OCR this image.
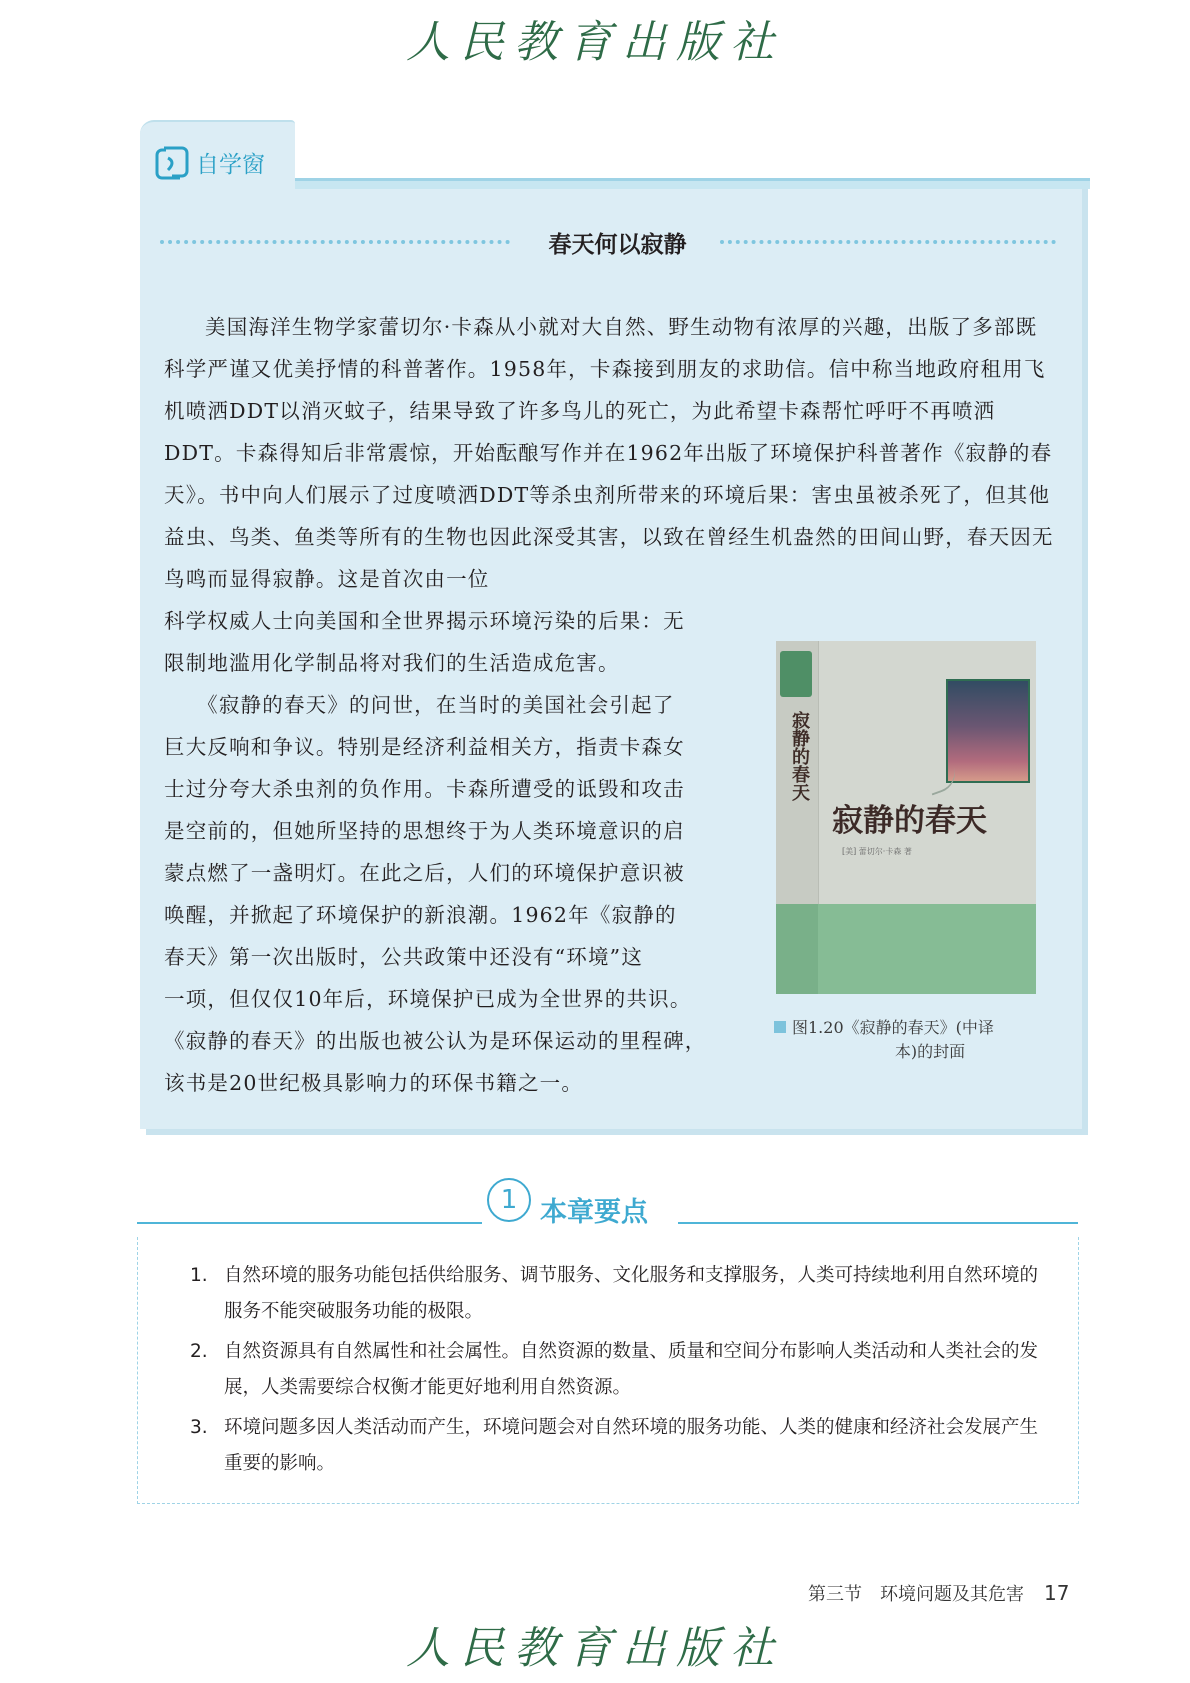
人民教育出版社
自学窗
春天何以寂静

美国海洋生物学家蕾切尔·卡森从小就对大自然、野生动物有浓厚的兴趣，出版了多部既科学严谨又优美抒情的科普著作。1958年，卡森接到朋友的求助信。信中称当地政府租用飞机喷洒DDT以消灭蚊子，结果导致了许多鸟儿的死亡，为此希望卡森帮忙呼吁不再喷洒DDT。卡森得知后非常震惊，开始酝酿写作并在1962年出版了环境保护科普著作《寂静的春天》。书中向人们展示了过度喷洒DDT等杀虫剂所带来的环境后果：害虫虽被杀死了，但其他益虫、鸟类、鱼类等所有的生物也因此深受其害，以致在曾经生机盎然的田间山野，春天因无鸟鸣而显得寂静。这是首次由一位

科学权威人士向美国和全世界揭示环境污染的后果：无
限制地滥用化学制品将对我们的生活造成危害。
　　《寂静的春天》的问世，在当时的美国社会引起了
巨大反响和争议。特别是经济利益相关方，指责卡森女
士过分夸大杀虫剂的负作用。卡森所遭受的诋毁和攻击
是空前的，但她所坚持的思想终于为人类环境意识的启
蒙点燃了一盏明灯。在此之后，人们的环境保护意识被
唤醒，并掀起了环境保护的新浪潮。1962年《寂静的
春天》第一次出版时，公共政策中还没有“环境”这
一项，但仅仅10年后，环境保护已成为全世界的共识。
《寂静的春天》的出版也被公认为是环保运动的里程碑，
该书是20世纪极具影响力的环保书籍之一。
寂静的春天
寂静的春天
[美] 蕾切尔·卡森 著
图1.20《寂静的春天》(中译
本)的封面
1 本章要点
1. 自然环境的服务功能包括供给服务、调节服务、文化服务和支撑服务，人类可持续地利用自然环境的服务不能突破服务功能的极限。
2. 自然资源具有自然属性和社会属性。自然资源的数量、质量和空间分布影响人类活动和人类社会的发展，人类需要综合权衡才能更好地利用自然资源。
3. 环境问题多因人类活动而产生，环境问题会对自然环境的服务功能、人类的健康和经济社会发展产生重要的影响。
第三节　环境问题及其危害 17
人民教育出版社
